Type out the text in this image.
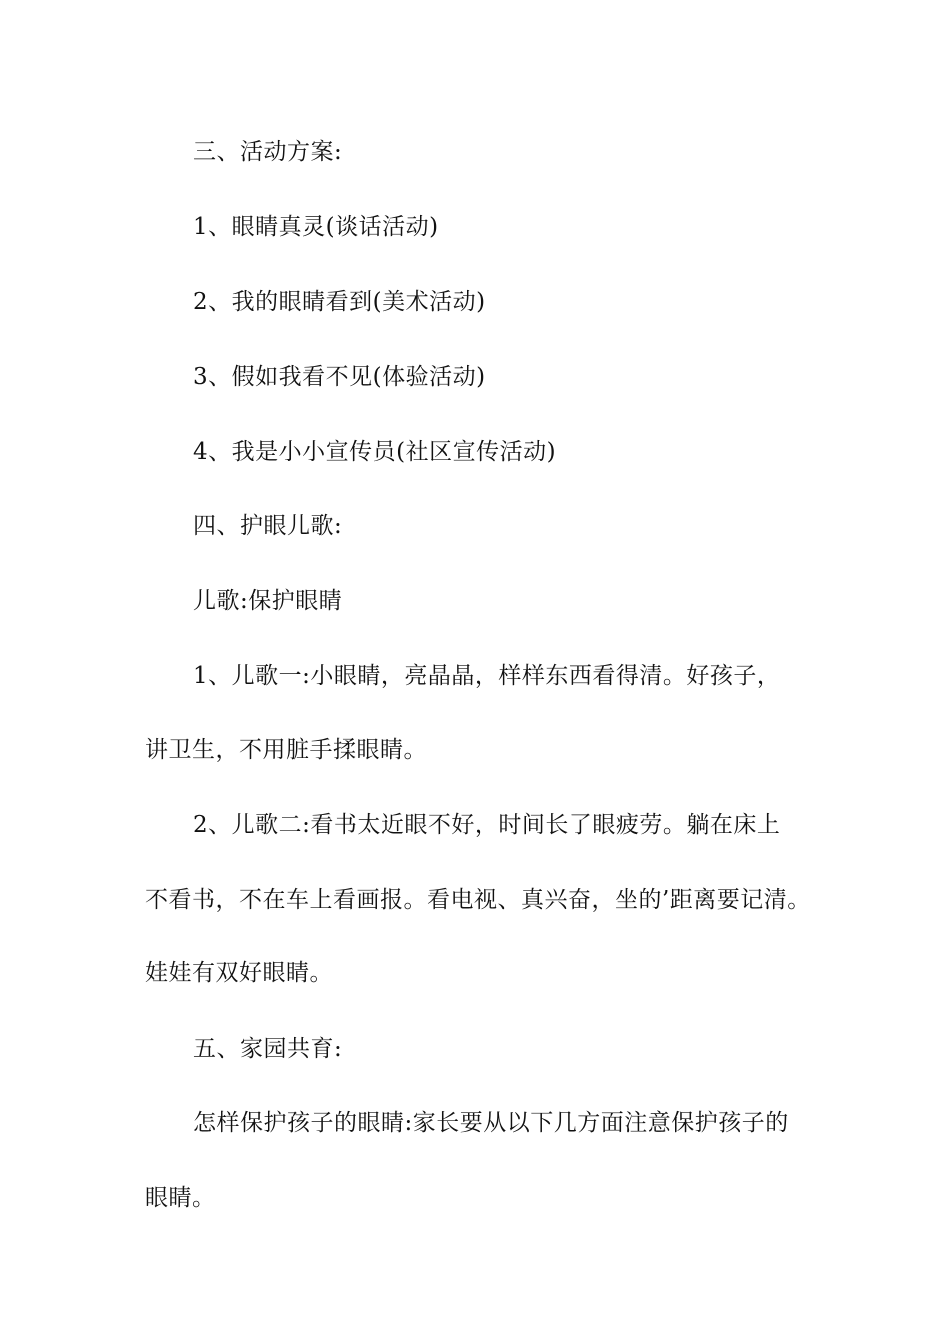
三、活动方案:
1、眼睛真灵(谈话活动)
2、我的眼睛看到(美术活动)
3、假如我看不见(体验活动)
4、我是小小宣传员(社区宣传活动)
四、护眼儿歌:
儿歌:保护眼睛
1、儿歌一:小眼睛，亮晶晶，样样东西看得清。好孩子，
讲卫生，不用脏手揉眼睛。
2、儿歌二:看书太近眼不好，时间长了眼疲劳。躺在床上
不看书，不在车上看画报。看电视、真兴奋，坐的’距离要记清。
娃娃有双好眼睛。
五、家园共育:
怎样保护孩子的眼睛:家长要从以下几方面注意保护孩子的
眼睛。
